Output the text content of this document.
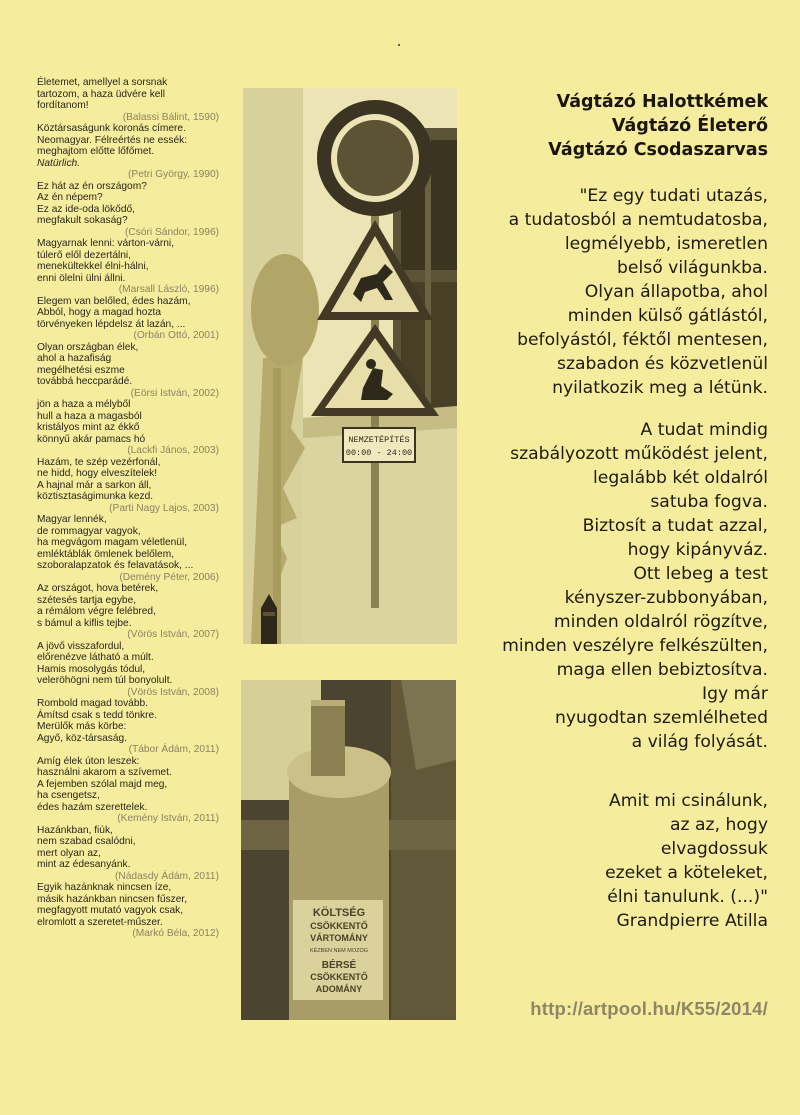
Életemet, amellyel a sorsnak
tartozom, a haza üdvére kell
fordítanom!
(Balassi Bálint, 1590)
Köztársaságunk koronás címere.
Neomagyar. Félreértés ne essék:
meghajtom előtte lőfőmet.
Natürlich.
(Petri György, 1990)
Ez hát az én országom?
Az én népem?
Ez az ide-oda lökődő,
megfakult sokaság?
(Csóri Sándor, 1996)
Magyarnak lenni: várton-várni,
túlerő elől dezertálni,
menekültekkel élni-hálni,
enni ölelni ülni állni.
(Marsall László, 1996)
Elegem van belőled, édes hazám,
Abból, hogy a magad hozta
törvényeken lépdelsz át lazán, ...
(Orbán Ottó, 2001)
Olyan országban élek,
ahol a hazafiság
megélhetési eszme
továbbá heccparádé.
(Eörsi István, 2002)
jön a haza a mélyből
hull a haza a magasból
kristályos mint az ékkő
könnyű akár pamacs hó
(Lackfi János, 2003)
Hazám, te szép vezérfonál,
ne hidd, hogy elveszítelek!
A hajnal már a sarkon áll,
köztisztaságimunka kezd.
(Parti Nagy Lajos, 2003)
Magyar lennék,
de rommagyar vagyok,
ha megvágom magam véletlenül,
emléktáblák ömlenek belőlem,
szoboralapzatok és felavatások, ...
(Demény Péter, 2006)
Az országot, hova betérek,
szétesés tartja egybe,
a rémálom végre felébred,
s bámul a kiflis tejbe.
(Vörös István, 2007)
A jövő visszafordul,
előrenézve látható a múlt.
Hamis mosolygás tódul,
veleröhögni nem túl bonyolult.
(Vörös István, 2008)
Rombold magad tovább.
Ámítsd csak s tedd tönkre.
Merülők más körbe:
Agyő, köz-társaság.
(Tábor Ádám, 2011)
Amíg élek úton leszek:
használni akarom a szívemet.
A fejemben szólal majd meg,
ha csengetsz,
édes hazám szerettelek.
(Kemény István, 2011)
Hazánkban, fiúk,
nem szabad csalódni,
mert olyan az,
mint az édesanyánk.
(Nádasdy Ádám, 2011)
Egyik hazánknak nincsen íze,
másik hazánkban nincsen fűszer,
megfagyott mutató vagyok csak,
elromlott a szeretet-műszer.
(Markó Béla, 2012)
NEMZETÉPÍTÉS
00:00 - 24:00
KÖLTSÉG
CSÖKKENTŐ
VÁRTOMÁNY
KÉZBEN NEM MOZOG
BÉRSÉ
CSÖKKENTŐ
ADOMÁNY
Vágtázó Halottkémek
Vágtázó Életerő
Vágtázó Csodaszarvas
"Ez egy tudati utazás,
a tudatosból a nemtudatosba,
legmélyebb, ismeretlen
belső világunkba.
Olyan állapotba, ahol
minden külső gátlástól,
befolyástól, féktől mentesen,
szabadon és közvetlenül
nyilatkozik meg a létünk.
A tudat mindig
szabályozott működést jelent,
legalább két oldalról
satuba fogva.
Biztosít a tudat azzal,
hogy kipányváz.
Ott lebeg a test
kényszer-zubbonyában,
minden oldalról rögzítve,
minden veszélyre felkészülten,
maga ellen bebiztosítva.
Igy már
nyugodtan szemlélheted
a világ folyását.
Amit mi csinálunk,
az az, hogy
elvagdossuk
ezeket a köteleket,
élni tanulunk. (...)"
Grandpierre Atilla
http://artpool.hu/K55/2014/
